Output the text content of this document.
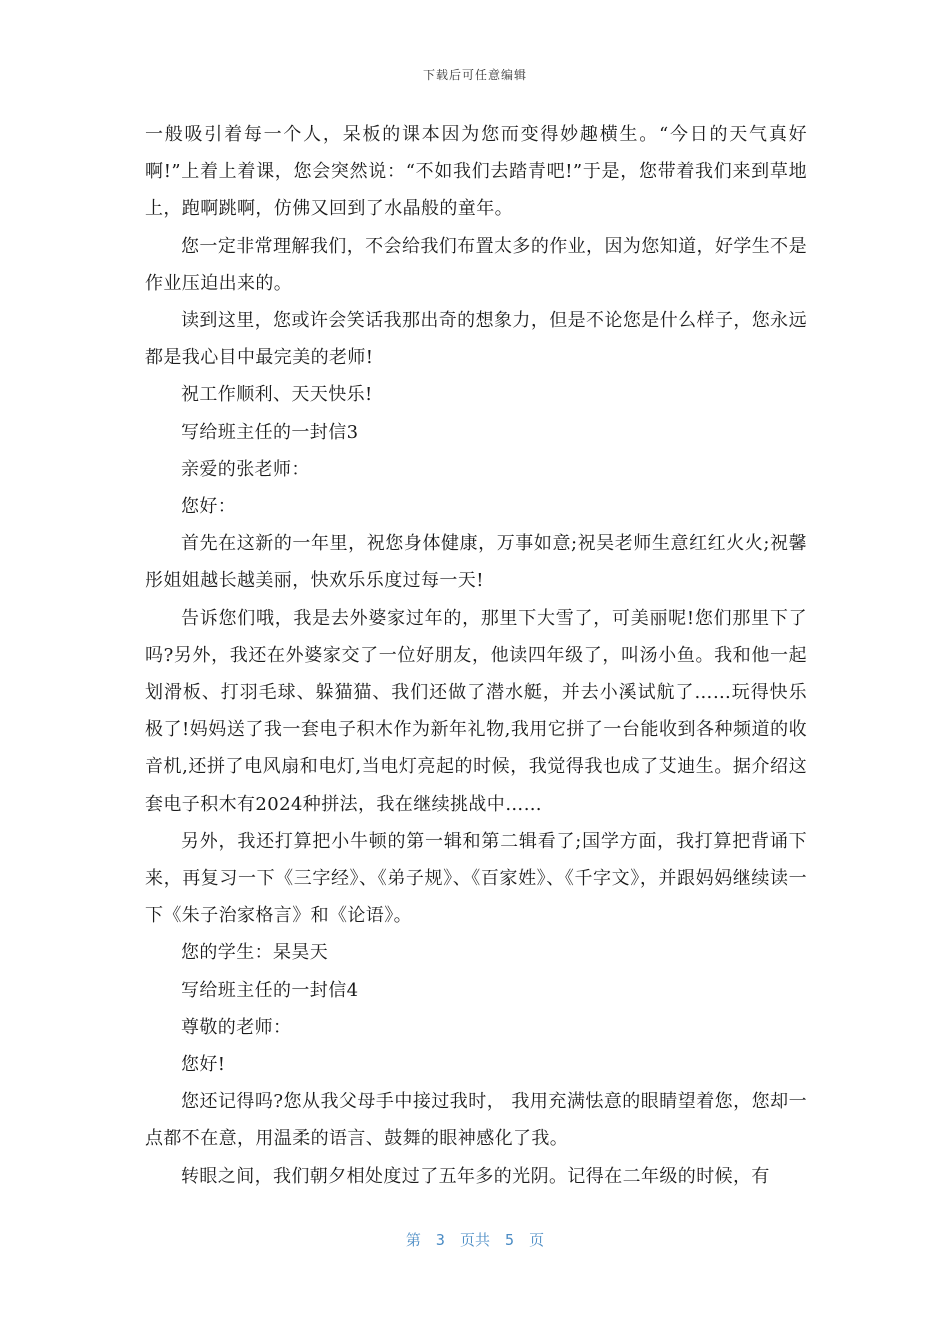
下载后可任意编辑

一般吸引着每一个人，呆板的课本因为您而变得妙趣横生。“今日的天气真好啊!”上着上着课，您会突然说：“不如我们去踏青吧!”于是，您带着我们来到草地上，跑啊跳啊，仿佛又回到了水晶般的童年。

您一定非常理解我们，不会给我们布置太多的作业，因为您知道，好学生不是作业压迫出来的。

读到这里，您或许会笑话我那出奇的想象力，但是不论您是什么样子，您永远都是我心目中最完美的老师!

祝工作顺利、天天快乐!

写给班主任的一封信3

亲爱的张老师：

您好：

首先在这新的一年里，祝您身体健康，万事如意;祝吴老师生意红红火火;祝馨彤姐姐越长越美丽，快欢乐乐度过每一天!

告诉您们哦，我是去外婆家过年的，那里下大雪了，可美丽呢!您们那里下了吗?另外，我还在外婆家交了一位好朋友，他读四年级了，叫汤小鱼。我和他一起划滑板、打羽毛球、躲猫猫、我们还做了潜水艇，并去小溪试航了……玩得快乐极了!妈妈送了我一套电子积木作为新年礼物,我用它拼了一台能收到各种频道的收音机,还拼了电风扇和电灯,当电灯亮起的时候，我觉得我也成了艾迪生。据介绍这套电子积木有2024种拼法，我在继续挑战中……

另外，我还打算把小牛顿的第一辑和第二辑看了;国学方面，我打算把背诵下来，再复习一下《三字经》、《弟子规》、《百家姓》、《千字文》，并跟妈妈继续读一下《朱子治家格言》和《论语》。

您的学生：杲昊天

写给班主任的一封信4

尊敬的老师：

您好!

您还记得吗?您从我父母手中接过我时， 我用充满怯意的眼睛望着您，您却一点都不在意，用温柔的语言、鼓舞的眼神感化了我。

转眼之间，我们朝夕相处度过了五年多的光阴。记得在二年级的时候，有

第 3 页共 5 页
